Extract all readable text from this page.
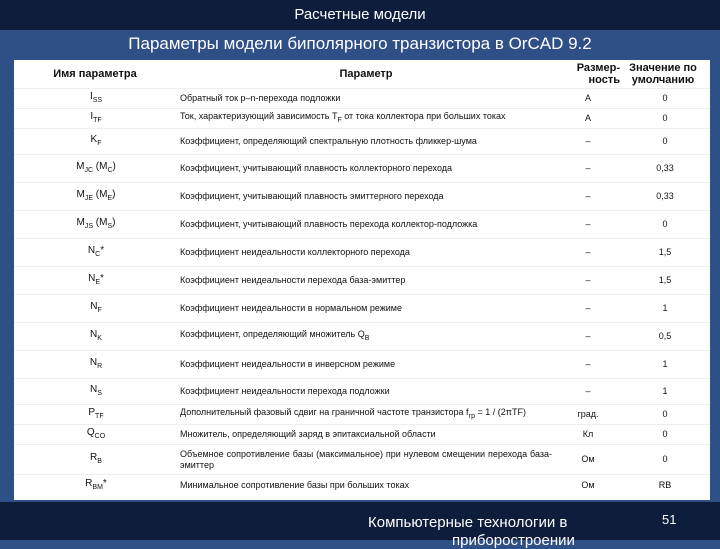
Расчетные модели
Параметры модели биполярного транзистора в OrCAD 9.2
Имя параметра	Параметр	Размер-ность	Значение по умолчанию
$I_{SS}$	Обратный ток p–n-перехода подложки	А	0
$I_{TF}$	Ток, характеризующий зависимость $T_F$ от тока коллектора при больших токах	А	0
$K_F$	Коэффициент, определяющий спектральную плотность фликкер-шума	–	0
$M_{JC}$ $(M_C)$	Коэффициент, учитывающий плавность коллекторного перехода	–	0,33
$M_{JE}$ $(M_E)$	Коэффициент, учитывающий плавность эмиттерного перехода	–	0,33
$M_{JS}$ $(M_S)$	Коэффициент, учитывающий плавность перехода коллектор-подложка	–	0
$N_C*$	Коэффициент неидеальности коллекторного перехода	–	1,5
$N_E*$	Коэффициент неидеальности перехода база-эмиттер	–	1,5
$N_F$	Коэффициент неидеальности в нормальном режиме	–	1
$N_K$	Коэффициент, определяющий множитель $Q_B$	–	0,5
$N_R$	Коэффициент неидеальности в инверсном режиме	–	1
$N_S$	Коэффициент неидеальности перехода подложки	–	1
$P_{TF}$	Дополнительный фазовый сдвиг на граничной частоте транзистора $f_{гр} = 1 / (2\pi TF)$	град.	0
$Q_{CO}$	Множитель, определяющий заряд в эпитаксиальной области	Кл	0
$R_B$	Объемное сопротивление базы (максимальное) при нулевом смещении перехода база-эмиттер	Ом	0
$R_{BM}*$	Минимальное сопротивление базы при больших токах	Ом	RB
Компьютерные технологии в
приборостроении
51
